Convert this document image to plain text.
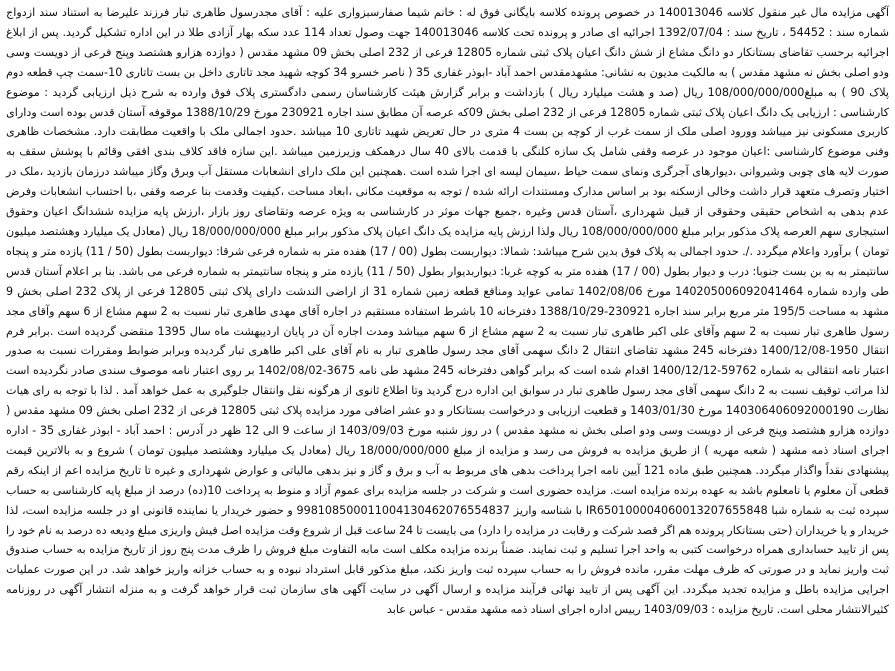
آگهی مزایده مال غیر منقول کلاسه 140013046 در خصوص پرونده کلاسه بایگانی فوق له : خانم شیما صفارسبزواری علیه : آقای مجدرسول طاهری تبار فرزند علیرضا به استناد سند ازدواج شماره سند : 54452 ، تاریخ سند : 1392/07/04 اجرائیه ای صادر و پرونده تحت کلاسه 140013046 جهت وصول تعداد 114 عدد سکه بهار آزادی طلا در این اداره تشکیل گردید. پس از ابلاغ اجرائیه برحسب تقاضای بستانکار دو دانگ مشاع از شش دانگ اعیان پلاک ثبتی شماره 12805 فرعی از 232 اصلی بخش 09 مشهد مقدس ( دوازده هزارو هشتصد وپنج فرعی از دویست وسی ودو اصلی بخش نه مشهد مقدس ) به مالکیت مدیون به نشانی: مشهدمقدس احمد آباد -ابوذر غفاری 35 ( ناصر خسرو 34 کوچه شهید مجد تاتاری داخل بن بست تاتاری 10-سمت چپ قطعه دوم پلاک 90 ) به مبلغ108/000/000/000 ریال (صد و هشت میلیارد ریال ) بازداشت و برابر گزارش هیئت کارشناسان رسمی دادگستری پلاک فوق وارده به شرح ذیل ارزیابی گردید : موضوع کارشناسی : ارزیابی یک دانگ اعیان پلاک ثبتی شماره 12805 فرعی از 232 اصلی بخش 09که عرصه آن مطابق سند اجاره 230921 مورخ 1388/10/29 موقوفه آستان قدس بوده است ودارای کاربری مسکونی نیز میباشد وورود اصلی ملک از سمت غرب از کوچه بن بست 4 متری در حال تعریض شهید تاتاری 10 میباشد .حدود اجمالی ملک با واقعیت مطابقت دارد. مشخصات ظاهری وفنی موضوع کارشناسی :اعیان موجود در عرصه وقفی شامل یک سازه کلنگی با قدمت بالای 40 سال درهمکف وزیرزمین میباشد .این سازه فاقد کلاف بندی افقی وقائم با پوشش سقف به صورت لایه های چوبی وشیروانی ،دیوارهای آجرگری ونمای سمت حیاط ،سیمان لیسه ای اجرا شده است .همچنین این ملک دارای انشعابات مستقل آب وبرق وگاز میباشد درزمان بازدید ،ملک در اختیار وتصرف متعهد قرار داشت وخالی ازسکنه بود بر اساس مدارک ومستندات ارائه شده / توجه به موقعیت مکانی ،ابعاد مساحت ،کیفیت وقدمت بنا عرصه وقفی ،با احتساب انشعابات وفرض عدم بدهی به اشخاص حقیقی وحقوقی از قبیل شهرداری ،آستان قدس وغیره ،جمیع جهات موثر در کارشناسی به ویژه عرصه وتقاضای روز بازار ،ارزش پایه مزایده ششدانگ اعیان وحقوق استیجاری سهم العرصه پلاک مذکور برابر مبلغ 108/000/000/000 ریال ولذا ارزش پایه مزایده یک دانگ اعیان پلاک مذکور برابر مبلغ 18/000/000/000 ریال (معادل یک میلیارد وهشتصد میلیون تومان ) برآورد واعلام میگردد ./. حدود اجمالی به پلاک فوق بدین شرح میباشد: شمالا: دیواربست بطول (00 / 17) هفده متر به شماره فرعی شرقا: دیواربست بطول (50 / 11) یازده متر و پنجاه سانتیمتر به به بن بست جنوبا: درب و دیوار بطول (00 / 17) هفده متر به کوچه غربا: دیواربدیوار بطول (50 / 11) یازده متر و پنجاه سانتیمتر به شماره فرعی می باشد. بنا بر اعلام آستان قدس طی وارده شماره 140205006092041464 مورخ 1402/08/06 تمامی عواید ومنافع قطعه زمین شماره 31 از اراضی الندشت دارای پلاک ثبتی 12805 فرعی از پلاک 232 اصلی بخش 9 مشهد به مساحت 195/5 متر مربع برابر سند اجاره 230921-1388/10/29 دفترخانه 10 باشرط استفاده مستقیم در اجاره آقای مهدی طاهری تبار نسبت به 2 سهم مشاع از 6 سهم وآقای مجد رسول طاهری تبار نسبت به 2 سهم وآقای علی اکبر طاهری تبار نسبت به 2 سهم مشاع از 6 سهم میباشد ومدت اجاره آن در پایان اردیبهشت ماه سال 1395 منقضی گردیده است .برابر فرم انتقال 1950-1400/12/08 دفترخانه 245 مشهد تقاضای انتقال 2 دانگ سهمی آقای مجد رسول طاهری تبار به نام آقای علی اکبر طاهری تبار گردیده وبرابر ضوابط ومقررات نسبت به صدور اعتبار نامه انتقالی به شماره 59762-1400/12/12 اقدام شده است که برابر گواهی دفترخانه 245 مشهد طی نامه 3675-1402/08/02 بر روی اعتبار نامه موصوف سندی صادر نگردیده است لذا مراتب توقیف نسبت به 2 دانگ سهمی آقای مجد رسول طاهری تبار در سوابق این اداره درج گردید وتا اطلاع ثانوی از هرگونه نقل وانتقال جلوگیری به عمل خواهد آمد . لذا با توجه به رای هیات نظارت 140306406092000190 مورخ 1403/01/30 و قطعیت ارزیابی و درخواست بستانکار و دو عشر اضافی مورد مزایده پلاک ثبتی 12805 فرعی از 232 اصلی بخش 09 مشهد مقدس ( دوازده هزارو هشتصد وپنج فرعی از دویست وسی ودو اصلی بخش نه مشهد مقدس ) در روز شنبه مورخ 1403/09/03 از ساعت 9 الی 12 ظهر در آدرس : احمد آباد - ابوذر غفاری 35 - اداره اجرای اسناد ذمه مشهد ( شعبه مهریه ) از طریق مزایده به فروش می رسد و مزایده از مبلغ 18/000/000/000 ریال (معادل یک میلیارد وهشتصد میلیون تومان ) شروع و به بالاترین قیمت پیشنهادی نقداً واگذار میگردد. همچنین طبق ماده 121 آیین نامه اجرا پرداخت بدهی های مربوط به آب و برق و گاز و نیز بدهی مالیاتی و عوارض شهرداری و غیره تا تاریخ مزایده اعم از اینکه رقم قطعی آن معلوم یا نامعلوم باشد به عهده برنده مزایده است. مزایده حضوری است و شرکت در جلسه مزایده برای عموم آزاد و منوط به پرداخت 10(ده) درصد از مبلغ پایه کارشناسی به حساب سپرده ثبت به شماره شبا IR650100004060013207655848 با شناسه واریز 998108500011004130462076554837 و حضور خریدار یا نماینده قانونی او در جلسه مزایده است، لذا خریدار و یا خریداران (حتی بستانکار پرونده هم اگر قصد شرکت و رقابت در مزایده را دارد) می بایست تا 24 ساعت قبل از شروع وقت مزایده اصل فیش واریزی مبلغ ودیعه ده درصد به نام خود را پس از تایید حسابداری همراه درخواست کتبی به واحد اجرا تسلیم و ثبت نمایند. ضمناً برنده مزایده مکلف است مابه التفاوت مبلغ فروش را ظرف مدت پنج روز از تاریخ مزایده به حساب صندوق ثبت واریز نماید و در صورتی که ظرف مهلت مقرر، مانده فروش را به حساب سپرده ثبت واریز نکند، مبلغ مذکور قابل استرداد نبوده و به حساب خزانه واریز خواهد شد. در این صورت عملیات اجرایی مزایده باطل و مزایده تجدید میگردد. این آگهی پس از تایید نهائی فرآیند مزایده و ارسال آگهی در سایت آگهی های سازمان ثبت قرار خواهد گرفت و به منزله انتشار آگهی در روزنامه کثیرالانتشار محلی است. تاریخ مزایده : 1403/09/03 رییس اداره اجرای اسناد ذمه مشهد مقدس - عباس عابد
